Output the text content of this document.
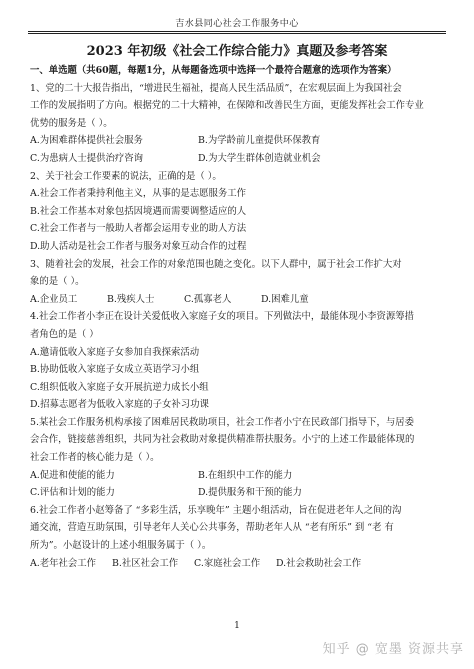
吉水县同心社会工作服务中心
2023 年初级《社会工作综合能力》真题及参考答案
一、单选题（共60题，每题1分，从每题备选项中选择一个最符合题意的选项作为答案）
1、党的二十大报告指出，“增进民生福祉，提高人民生活品质”，在宏观层面上为我国社会
工作的发展指明了方向。根据党的二十大精神，在保障和改善民生方面，更能发挥社会工作专业
优势的服务是（ ）。
A.为困难群体提供社会服务	B.为学龄前儿童提供环保教育
C.为患病人士提供治疗咨询	D.为大学生群体创造就业机会
2、关于社会工作要素的说法，正确的是（ ）。
A.社会工作者秉持利他主义，从事的是志愿服务工作
B.社会工作基本对象包括因境遇而需要调整适应的人
C.社会工作者与一般助人者都会运用专业的助人方法
D.助人活动是社会工作者与服务对象互动合作的过程
3、随着社会的发展，社会工作的对象范围也随之变化。以下人群中，属于社会工作扩大对
象的是（ ）。
A.企业员工	B.残疾人士	C.孤寡老人	D.困难儿童
4.社会工作者小李正在设计关爱低收入家庭子女的项目。下列做法中，最能体现小李资源筹措
者角色的是（ ）
A.邀请低收入家庭子女参加自我探索活动
B.协助低收入家庭子女成立英语学习小组
C.组织低收入家庭子女开展抗逆力成长小组
D.招募志愿者为低收入家庭的子女补习功课
5.某社会工作服务机构承接了困难居民救助项目，社会工作者小宁在民政部门指导下，与居委
会合作，链接慈善组织，共同为社会救助对象提供精准帮扶服务。小宁的上述工作最能体现的
社会工作者的核心能力是（ ）。
A.促进和使能的能力	B.在组织中工作的能力
C.评估和计划的能力	D.提供服务和干预的能力
6.社会工作者小赵筹备了 “多彩生活，乐享晚年” 主题小组活动，旨在促进老年人之间的沟
通交流，营造互助氛围，引导老年人关心公共事务，帮助老年人从 “老有所乐” 到 “老 有
所为”。小赵设计的上述小组服务属于（ ）。
A.老年社会工作	B.社区社会工作	C.家庭社会工作	D.社会救助社会工作
1
知乎 @ 宽墨 资源共享
